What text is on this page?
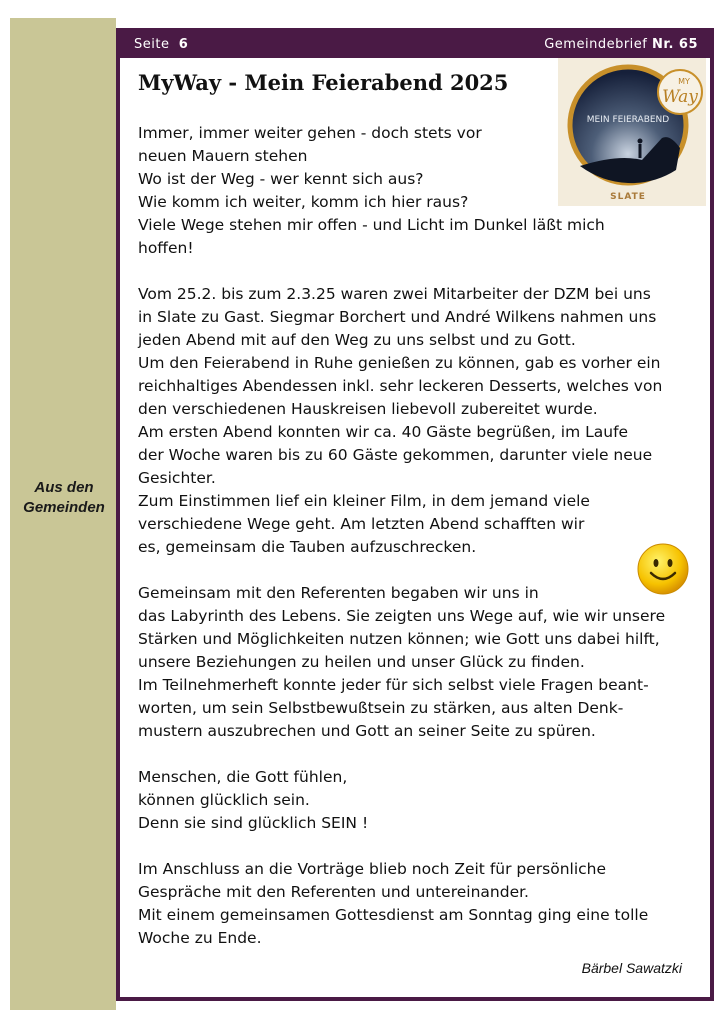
Aus den
Gemeinden
Seite 6	Gemeindebrief Nr. 65
MyWay - Mein Feierabend 2025
MEIN FEIERABEND
MY
Way
SLATE

Immer, immer weiter gehen - doch stets vor

neuen Mauern stehen

Wo ist der Weg - wer kennt sich aus?

Wie komm ich weiter, komm ich hier raus?

Viele Wege stehen mir offen - und Licht im Dunkel läßt mich

hoffen!

Vom 25.2. bis zum 2.3.25 waren zwei Mitarbeiter der DZM bei uns

in Slate zu Gast. Siegmar Borchert und André Wilkens nahmen uns

jeden Abend mit auf den Weg zu uns selbst und zu Gott.

Um den Feierabend in Ruhe genießen zu können, gab es vorher ein

reichhaltiges Abendessen inkl. sehr leckeren Desserts, welches von

den verschiedenen Hauskreisen liebevoll zubereitet wurde.

Am ersten Abend konnten wir ca. 40 Gäste begrüßen, im Laufe

der Woche waren bis zu 60 Gäste gekommen, darunter viele neue

Gesichter.

Zum Einstimmen lief ein kleiner Film, in dem jemand viele

verschiedene Wege geht. Am letzten Abend schafften wir

es, gemeinsam die Tauben aufzuschrecken.

Gemeinsam mit den Referenten begaben wir uns in

das Labyrinth des Lebens. Sie zeigten uns Wege auf, wie wir unsere

Stärken und Möglichkeiten nutzen können; wie Gott uns dabei hilft,

unsere Beziehungen zu heilen und unser Glück zu finden.

Im Teilnehmerheft konnte jeder für sich selbst viele Fragen beant-

worten, um sein Selbstbewußtsein zu stärken, aus alten Denk-

mustern auszubrechen und Gott an seiner Seite zu spüren.

Menschen, die Gott fühlen,

können glücklich sein.

Denn sie sind glücklich SEIN !

Im Anschluss an die Vorträge blieb noch Zeit für persönliche

Gespräche mit den Referenten und untereinander.

Mit einem gemeinsamen Gottesdienst am Sonntag ging eine tolle

Woche zu Ende.

Bärbel Sawatzki
